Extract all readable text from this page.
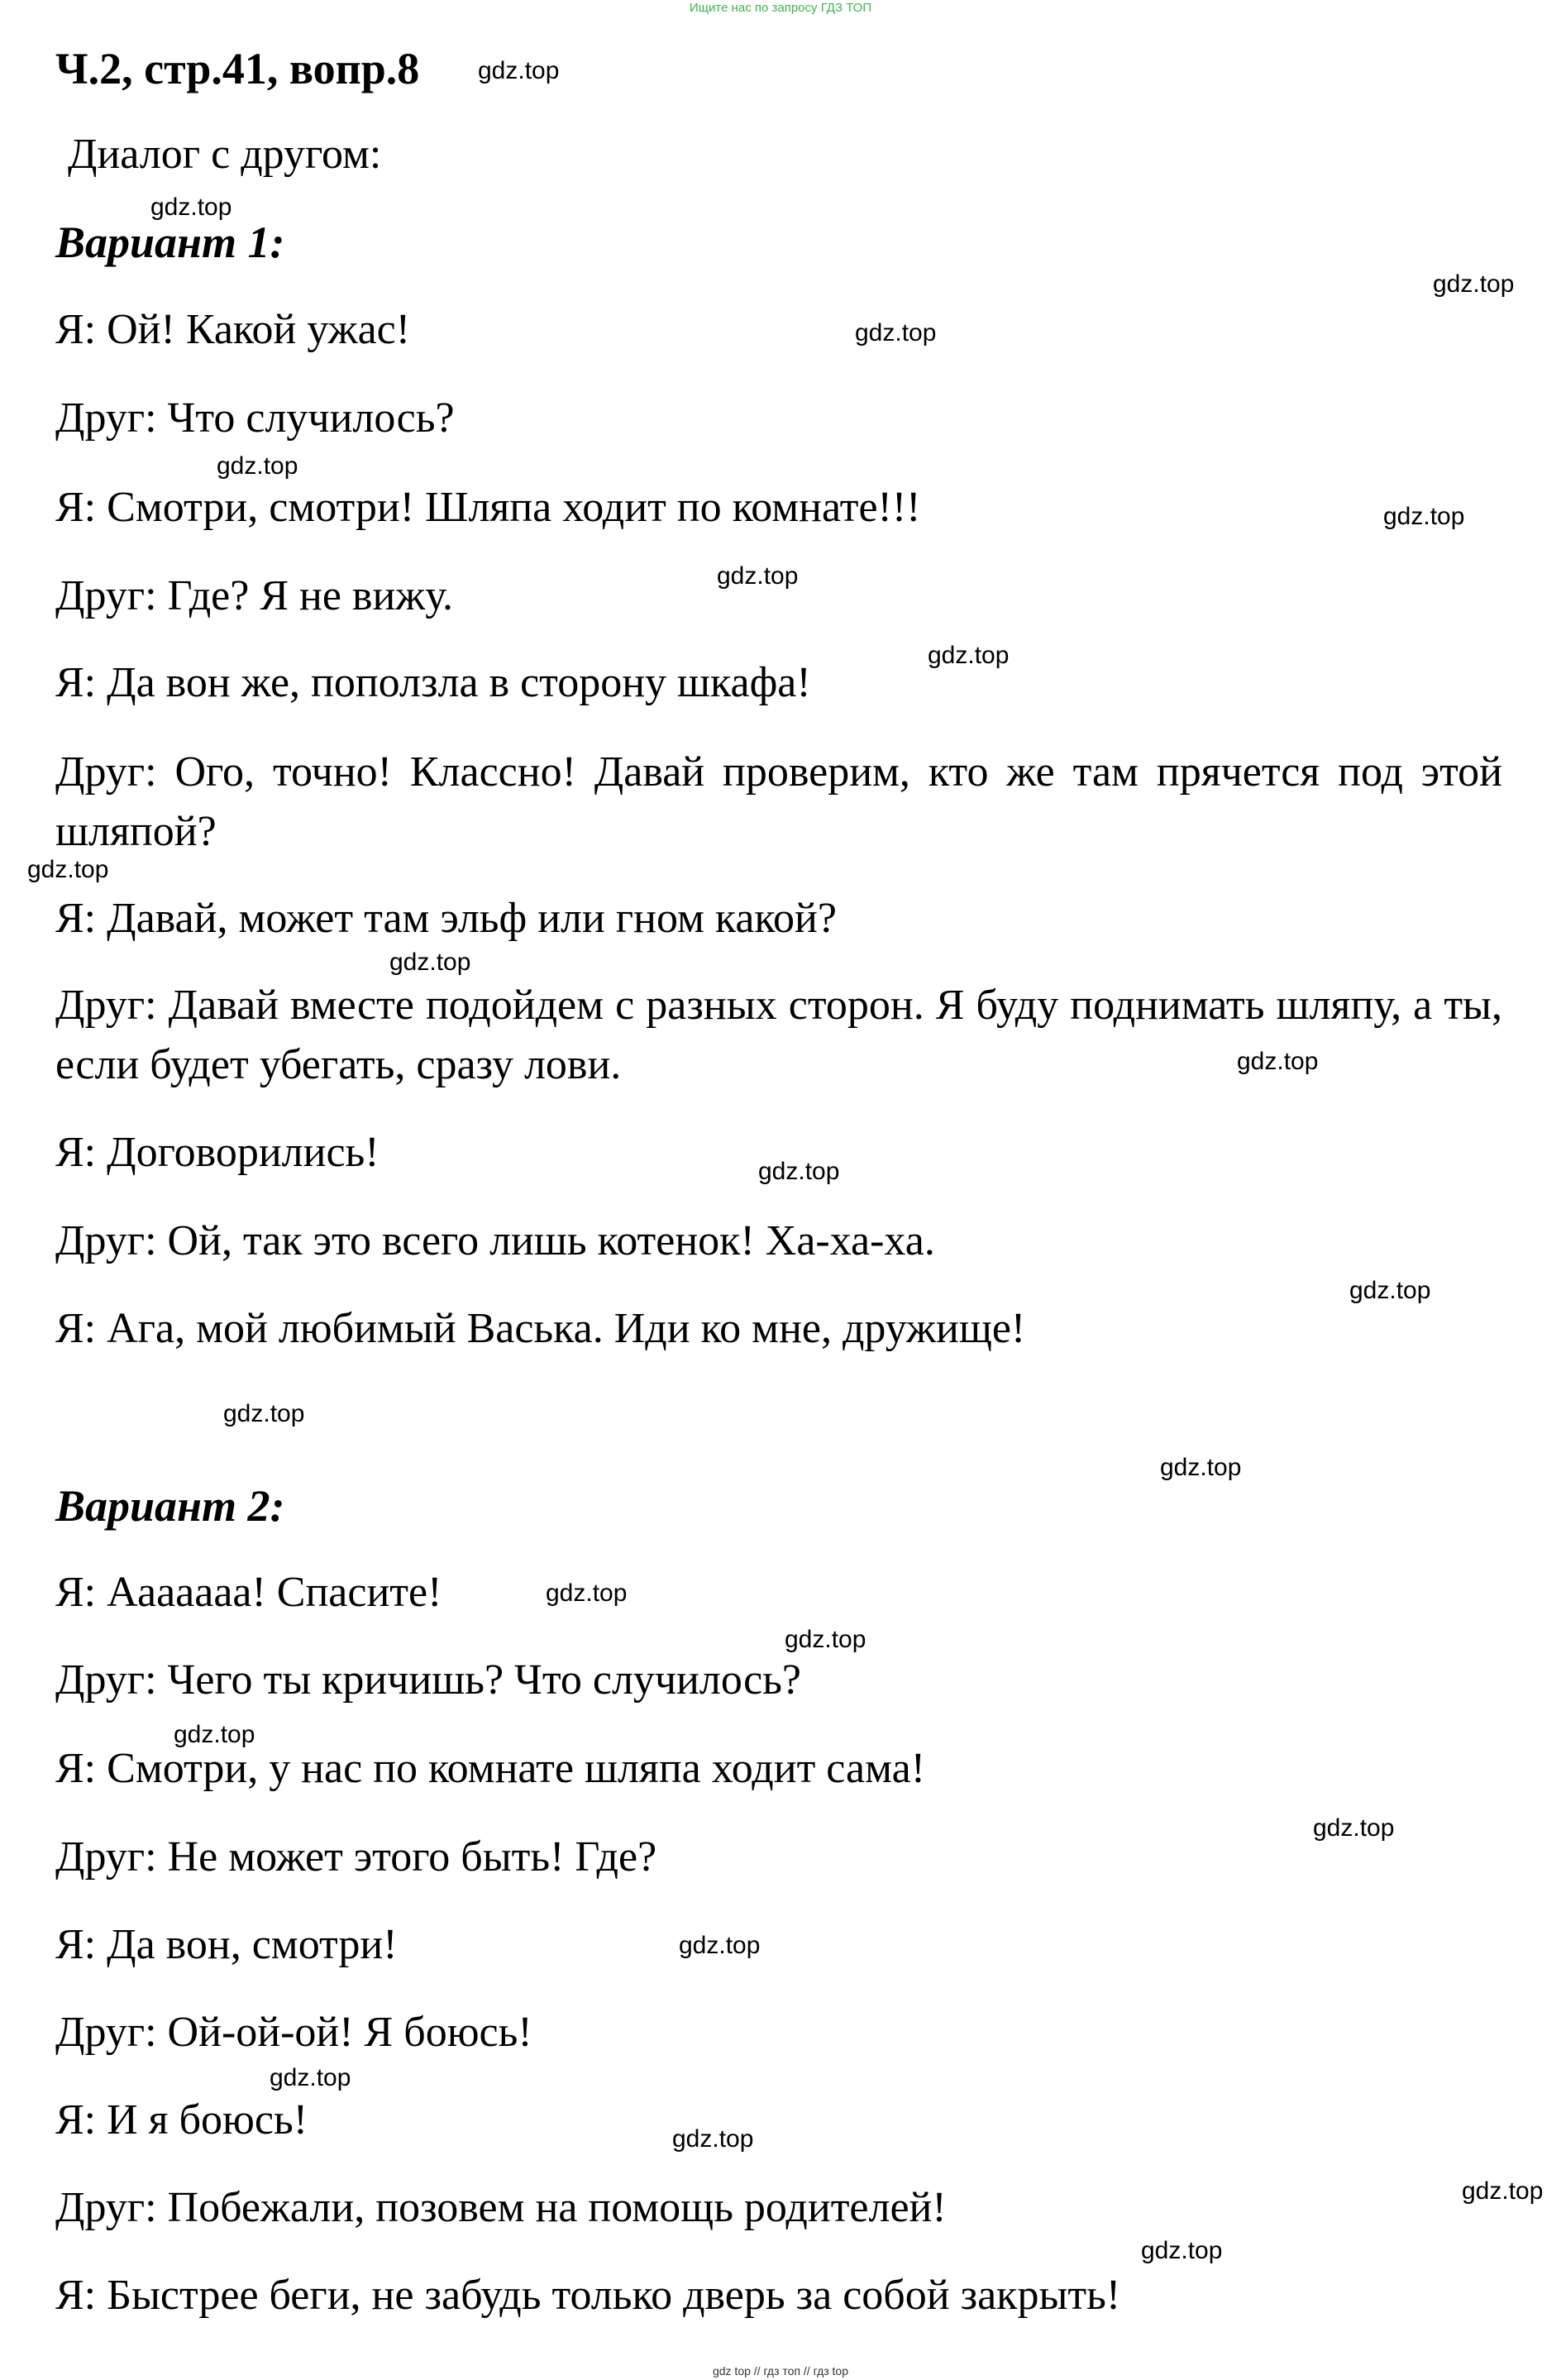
Ищите нас по запросу ГДЗ ТОП
Ч.2, стр.41, вопр.8
Диалог с другом:
Вариант 1:
Я: Ой! Какой ужас!
Друг: Что случилось?
Я: Смотри, смотри! Шляпа ходит по комнате!!!
Друг: Где? Я не вижу.
Я: Да вон же, поползла в сторону шкафа!
Друг: Ого, точно! Классно! Давай проверим, кто же там прячется под этой шляпой?
Я: Давай, может там эльф или гном какой?
Друг: Давай вместе подойдем с разных сторон. Я буду поднимать шляпу, а ты, если будет убегать, сразу лови.
Я: Договорились!
Друг: Ой, так это всего лишь котенок! Ха-ха-ха.
Я: Ага, мой любимый Васька. Иди ко мне, дружище!
Вариант 2:
Я: Ааааааа! Спасите!
Друг: Чего ты кричишь? Что случилось?
Я: Смотри, у нас по комнате шляпа ходит сама!
Друг: Не может этого быть! Где?
Я: Да вон, смотри!
Друг: Ой-ой-ой! Я боюсь!
Я: И я боюсь!
Друг: Побежали, позовем на помощь родителей!
Я: Быстрее беги, не забудь только дверь за собой закрыть!
gdz.top
gdz.top
gdz.top
gdz.top
gdz.top
gdz.top
gdz.top
gdz.top
gdz.top
gdz.top
gdz.top
gdz.top
gdz.top
gdz.top
gdz.top
gdz.top
gdz.top
gdz.top
gdz.top
gdz.top
gdz.top
gdz.top
gdz.top
gdz.top
gdz top // гдз топ // гдз top
